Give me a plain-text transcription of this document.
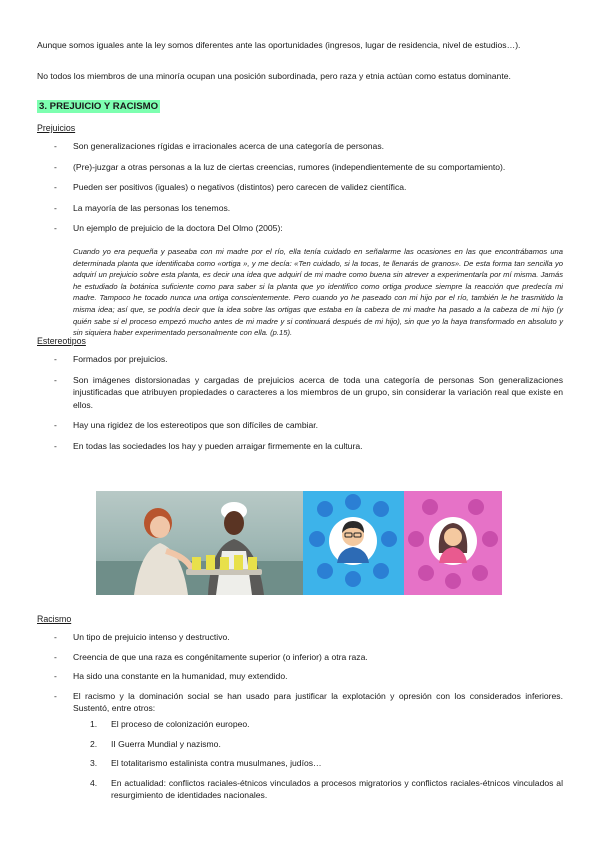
Aunque somos iguales ante la ley somos diferentes ante las oportunidades (ingresos, lugar de residencia, nivel de estudios…).

No todos los miembros de una minoría ocupan una posición subordinada, pero raza y etnia actúan como estatus dominante.

3. PREJUICIO Y RACISMO
Prejuicios
- Son generalizaciones rígidas e irracionales acerca de una categoría de personas.
- (Pre)-juzgar a otras personas a la luz de ciertas creencias, rumores (independientemente de su comportamiento).
- Pueden ser positivos (iguales) o negativos (distintos) pero carecen de validez científica.
- La mayoría de las personas los tenemos.
- Un ejemplo de prejuicio de la doctora Del Olmo (2005):
Cuando yo era pequeña y paseaba con mi madre por el río, ella tenía cuidado en señalarme las ocasiones en las que encontrábamos una determinada planta que identificaba como «ortiga », y me decía: «Ten cuidado, si la tocas, te llenarás de granos». De esta forma tan sencilla yo adquirí un prejuicio sobre esta planta, es decir una idea que adquirí de mi madre como buena sin atrever a experimentarla por mí misma. Jamás he estudiado la botánica suficiente como para saber si la planta que yo identifico como ortiga produce siempre la reacción que predecía mi madre. Tampoco he tocado nunca una ortiga conscientemente. Pero cuando yo he paseado con mi hijo por el río, también le he trasmitido la misma idea; así que, se podría decir que la idea sobre las ortigas que estaba en la cabeza de mi madre ha pasado a la cabeza de mi hijo (y quién sabe si el proceso empezó mucho antes de mi madre y si continuará después de mi hijo), sin que yo la haya transformado en absoluto y sin siquiera haber experimentado personalmente con ella. (p.15).
Estereotipos
- Formados por prejuicios.
- Son imágenes distorsionadas y cargadas de prejuicios acerca de toda una categoría de personas Son generalizaciones injustificadas que atribuyen propiedades o caracteres a los miembros de un grupo, sin considerar la variación real que existe en ellos.
- Hay una rigidez de los estereotipos que son difíciles de cambiar.
- En todas las sociedades los hay y pueden arraigar firmemente en la cultura.
Racismo
- Un tipo de prejuicio intenso y destructivo.
- Creencia de que una raza es congénitamente superior (o inferior) a otra raza.
- Ha sido una constante en la humanidad, muy extendido.
- El racismo y la dominación social se han usado para justificar la explotación y opresión con los considerados inferiores. Sustentó, entre otros:
1. El proceso de colonización europeo.
2. II Guerra Mundial y nazismo.
3. El totalitarismo estalinista contra musulmanes, judíos…
4. En actualidad: conflictos raciales-étnicos vinculados a procesos migratorios y conflictos raciales-étnicos vinculados al resurgimiento de identidades nacionales.
